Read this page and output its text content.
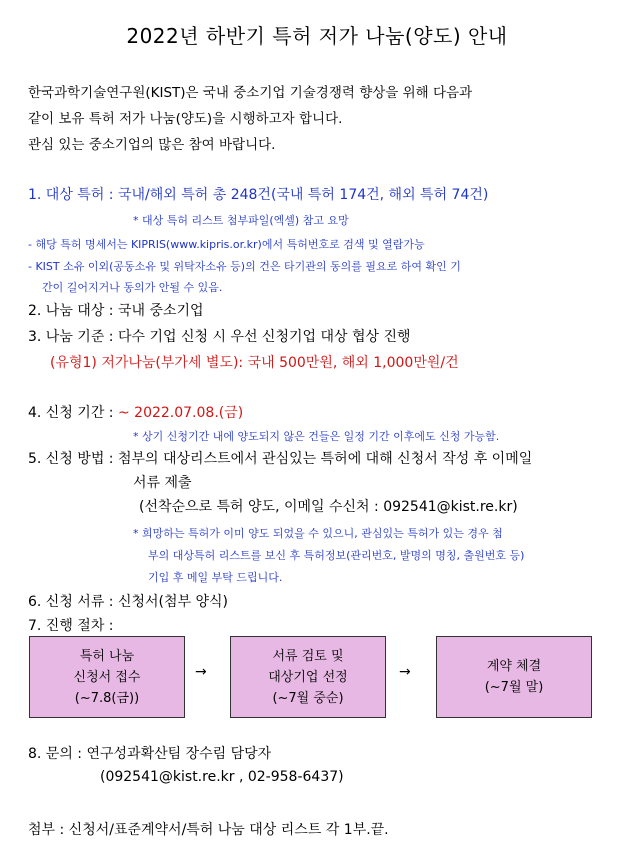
2022년 하반기 특허 저가 나눔(양도) 안내
한국과학기술연구원(KIST)은 국내 중소기업 기술경쟁력 향상을 위해 다음과
같이 보유 특허 저가 나눔(양도)을 시행하고자 합니다.
관심 있는 중소기업의 많은 참여 바랍니다.
1. 대상 특허 : 국내/해외 특허 총 248건(국내 특허 174건, 해외 특허 74건)
* 대상 특허 리스트 첨부파일(엑셀) 참고 요망
- 해당 특허 명세서는 KIPRIS(www.kipris.or.kr)에서 특허번호로 검색 및 열람가능
- KIST 소유 이외(공동소유 및 위탁자소유 등)의 건은 타기관의 동의를 필요로 하여 확인 기
간이 길어지거나 동의가 안될 수 있음.
2. 나눔 대상 : 국내 중소기업
3. 나눔 기준 : 다수 기업 신청 시 우선 신청기업 대상 협상 진행
(유형1) 저가나눔(부가세 별도): 국내 500만원, 해외 1,000만원/건
4. 신청 기간 : ~ 2022.07.08.(금)
* 상기 신청기간 내에 양도되지 않은 건들은 일정 기간 이후에도 신청 가능함.
5. 신청 방법 : 첨부의 대상리스트에서 관심있는 특허에 대해 신청서 작성 후 이메일
서류 제출
(선착순으로 특허 양도, 이메일 수신처 : 092541@kist.re.kr)
* 희망하는 특허가 이미 양도 되었을 수 있으니, 관심있는 특허가 있는 경우 첨
부의 대상특허 리스트를 보신 후 특허정보(관리번호, 발명의 명칭, 출원번호 등)
기입 후 메일 부탁 드립니다.
6. 신청 서류 : 신청서(첨부 양식)
7. 진행 절차 :
특허 나눔
신청서 접수
(~7.8(금))
→
서류 검토 및
대상기업 선정
(~7월 중순)
→	계약 체결
(~7월 말)
8. 문의 : 연구성과확산팀 장수림 담당자
(092541@kist.re.kr , 02-958-6437)
첨부 : 신청서/표준계약서/특허 나눔 대상 리스트 각 1부.끝.
